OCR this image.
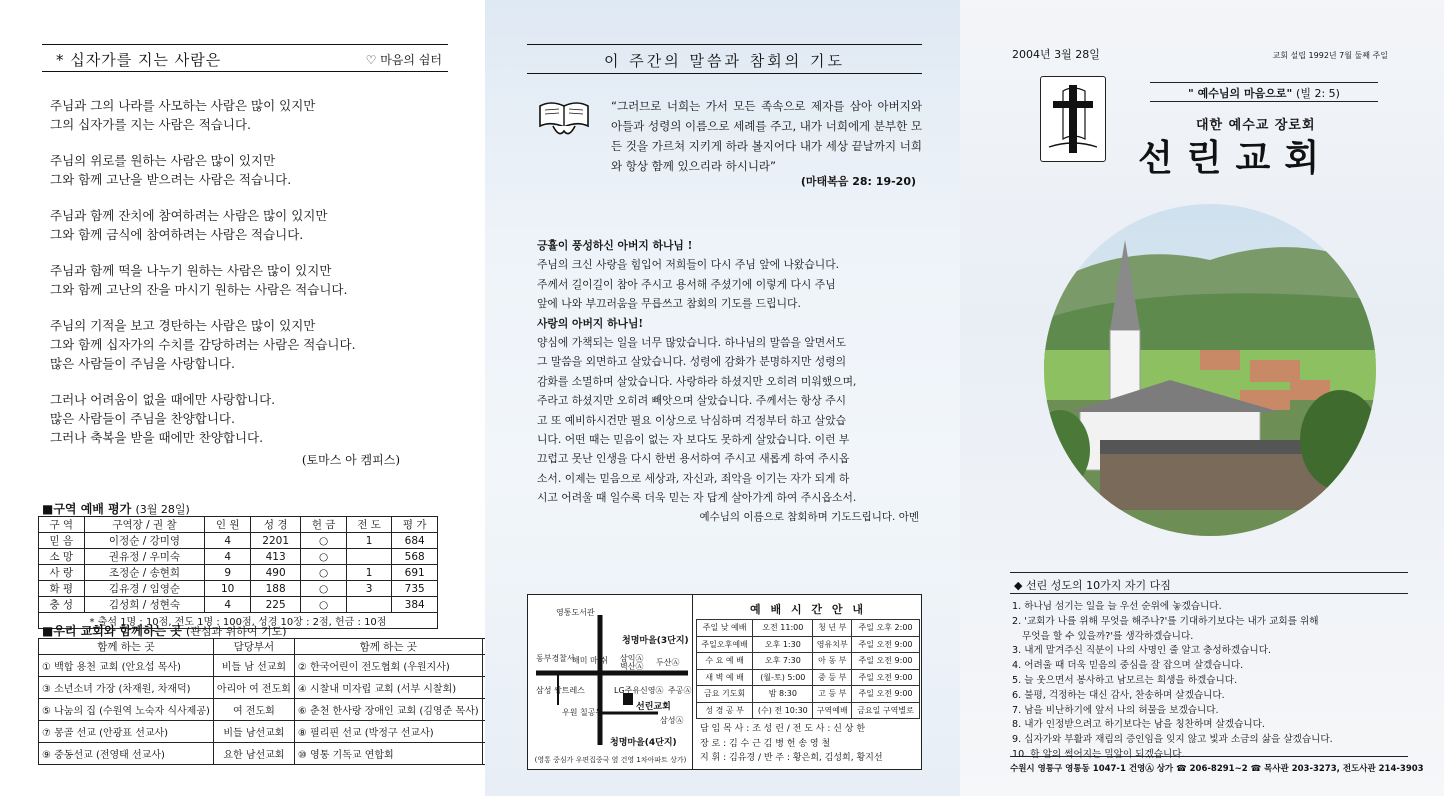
* 십자가를 지는 사람은	♡ 마음의 쉼터
주님과 그의 나라를 사모하는 사람은 많이 있지만
그의 십자가를 지는 사람은 적습니다.
주님의 위로를 원하는 사람은 많이 있지만
그와 함께 고난을 받으려는 사람은 적습니다.
주님과 함께 잔치에 참여하려는 사람은 많이 있지만
그와 함께 금식에 참여하려는 사람은 적습니다.
주님과 함께 떡을 나누기 원하는 사람은 많이 있지만
그와 함께 고난의 잔을 마시기 원하는 사람은 적습니다.
주님의 기적을 보고 경탄하는 사람은 많이 있지만
그와 함께 십자가의 수치를 감당하려는 사람은 적습니다.
많은 사람들이 주님을 사랑합니다.
그러나 어려움이 없을 때에만 사랑합니다.
많은 사람들이 주님을 찬양합니다.
그러나 축복을 받을 때에만 찬양합니다.
(토마스 아 켐피스)
■구역 예배 평가 (3월 28일)
구 역	구역장 / 권 찰	인 원	성 경	헌 금	전 도	평 가
믿 음	이정순 / 강미영	4	2201	○	1	684
소 망	권유정 / 우미숙	4	413	○		568
사 랑	조정순 / 송현희	9	490	○	1	691
화 평	김유경 / 임영순	10	188	○	3	735
충 성	김성희 / 성현숙	4	225	○		384
* 출석 1명 : 10점, 전도 1명 : 100점, 성경 10장 : 2점, 헌금 : 10점						
■우리 교회와 함께하는 곳 (관심과 위하여 기도)
함께 하는 곳	담당부서	함께 하는 곳	
① 백합 용천 교회 (안요섭 목사)	비들 남 선교회	② 한국어린이 전도협회 (우원지사)	
③ 소년소녀 가장 (차재원, 차재덕)	아리아 여 전도회	④ 시찰내 미자립 교회 (서부 시찰회)	
⑤ 나눔의 집 (수원역 노숙자 식사제공)	여 전도회	⑥ 춘천 한사랑 장애인 교회 (김영준 목사)	
⑦ 몽골 선교 (안광표 선교사)	비들 남선교회	⑧ 필리핀 선교 (박정구 선교사)	
⑨ 중동선교 (전영태 선교사)	요한 남선교회	⑩ 영통 기독교 연합회	
이 주간의 말씀과 참회의 기도
“그러므로 너희는 가서 모든 족속으로 제자를 삼아 아버지와 아들과 성령의 이름으로 세례를 주고, 내가 너희에게 분부한 모든 것을 가르쳐 지키게 하라 볼지어다 내가 세상 끝날까지 너희와 항상 함께 있으리라 하시니라”
(마태복음 28: 19-20)
긍휼이 풍성하신 아버지 하나님 !
주님의 크신 사랑을 힘입어 저희들이 다시 주님 앞에 나왔습니다.
주께서 길이길이 참아 주시고 용서해 주셨기에 이렇게 다시 주님
앞에 나와 부끄러움을 무릅쓰고 참회의 기도를 드립니다.
사랑의 아버지 하나님!
양심에 가책되는 일을 너무 많았습니다. 하나님의 말씀을 알면서도
그 말씀을 외면하고 살았습니다. 성령에 감화가 분명하지만 성령의
감화를 소멸하며 살았습니다. 사랑하라 하셨지만 오히려 미워했으며,
주라고 하셨지만 오히려 빼앗으며 살았습니다. 주께서는 항상 주시
고 또 예비하시건만 필요 이상으로 낙심하며 걱정부터 하고 살았습
니다. 어떤 때는 믿음이 없는 자 보다도 못하게 살았습니다. 이런 부
끄럽고 못난 인생을 다시 한번 용서하여 주시고 새롭게 하여 주시옵
소서. 이제는 믿음으로 세상과, 자신과, 죄악을 이기는 자가 되게 하
시고 어려울 때 일수록 더욱 믿는 자 답게 살아가게 하여 주시옵소서.
예수님의 이름으로 참회하며 기도드립니다. 아멘
영통도서관
청명마을(3단지)
동부경찰서	삼익Ⓐ
벽산Ⓐ 두산Ⓐ
해미 마 쉬
LG주유
삼성 쌍트레스	신영Ⓐ 주공Ⓐ
선린교회
삼성Ⓐ
우원 칠공원
청명마을(4단지)
(영통 중심가 우편집중국 옆 건영 1차아파트 상가)
예 배 시 간 안 내
주일 낮 예배	오전 11:00	청 년 부	주일 오후 2:00
주일오후예배	오후 1:30	영유치부	주일 오전 9:00
수 요 예 배	오후 7:30	아 동 부	주일 오전 9:00
새 벽 예 배	(월-토) 5:00	중 등 부	주일 오전 9:00
금요 기도회	밤 8:30	고 등 부	주일 오전 9:00
성 경 공 부	(수) 전 10:30	구역예배	금요일 구역별로
담 임 목 사 : 조 성 린 / 전 도 사 : 신 상 한
장 로 : 김 수 근 김 병 헌 송 영 철
지 휘 : 김유경 / 반 주 : 황은희, 김성희, 황지선
2004년 3월 28일	교회 설립 1992년 7월 둘째 주일
" 예수님의 마음으로" (빌 2: 5)
대한 예수교 장로회
선린교회
◆ 선린 성도의 10가지 자기 다짐
1. 하나님 섬기는 일을 늘 우선 순위에 놓겠습니다.
2. '교회가 나를 위해 무엇을 해주나?'를 기대하기보다는 내가 교회를 위해
무엇을 할 수 있을까?'를 생각하겠습니다.
3. 내게 맡겨주신 직분이 나의 사명인 줄 알고 충성하겠습니다.
4. 어려울 때 더욱 믿음의 중심을 잘 잡으며 살겠습니다.
5. 늘 웃으면서 봉사하고 남모르는 희생을 하겠습니다.
6. 불평, 걱정하는 대신 감사, 찬송하며 살겠습니다.
7. 남을 비난하기에 앞서 나의 허물을 보겠습니다.
8. 내가 인정받으려고 하기보다는 남을 칭찬하며 살겠습니다.
9. 십자가와 부활과 재림의 증인임을 잊지 않고 빛과 소금의 삶을 살겠습니다.
10. 한 알의 썩어지는 밀알이 되겠습니다.
수원시 영통구 영통동 1047-1 건영Ⓐ 상가 ☎ 206-8291~2 ☎ 목사관 203-3273, 전도사관 214-3903
